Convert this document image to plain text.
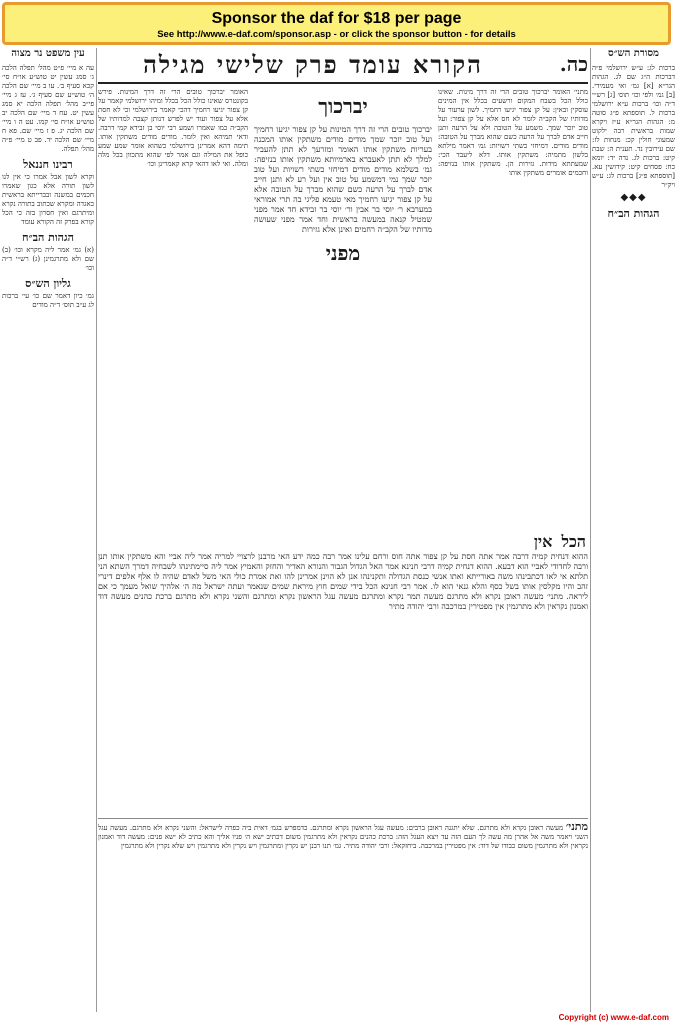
Sponsor the daf for $18 per page
See http://www.e-daf.com/sponsor.asp - or click the sponsor button - for details
מסורת הש״ס
ברכות לג: ע״ש ירושלמי פ״ה דברכות ה״ג שם לג. הגהות הגר״א [א] גמ׳ ואי מעמידי. [ב] גמ׳ ולפי וכו׳ תוס׳ [ג] רש״י ד״ה וכו׳ ברכות ע״א ירושלמי ברכות ל. תוספתא פ״ג סוטה מ: הגהות הגר״א ע״ז ויקרא שמות בראשית רבה ילקוט שמעוני חולין קכ: מנחות לז: שם עירובין נד. תענית ה: שבת קיט: ברכות לג. נדה יד: יומא כח: פסחים קיט: קידושין עא. [תוספתא פ״ג] ברכות לג: ע״ש ויק״ר
◆◆◆
הגהות הב״ח
כה.
הקורא עומד פרק שלישי מגילה
מתני׳ האומר יברכוך טובים הרי זה דרך מינות. שאינו כולל הכל בשבח המקום ורשעים בכלל אין המינים עוסקין ובאין: על קן צפור יגיעו רחמיך. לשון ערעור על מדותיו של הקב״ה לומר לא חס אלא על קן צפור: ועל טוב יזכר שמך. משמע על הטובה ולא על הרעה ותנן חייב אדם לברך על הרעה כשם שהוא מברך על הטובה: מודים מודים. דמיחזי כשתי רשויות: גמ׳ דאמר מילתא בלשון מתמיה: משתקין אותו. דלא ליעבד הכי: שמעתתא מידות. גזירות הן. משתקין אותו בנזיפה: וחכמים אומרים משתקין אותו
יברכוך
יברכוך טובים הרי זה דרך המינות על קן צפור יגיעו רחמיך ועל טוב יזכר שמך מודים מודים משתקין אותו המכנה בעריות משתקין אותו האומר ומזרעך לא תתן להעביר למלך לא תתן לאעברא בארמיותא משתקין אותו בנזיפה: גמ׳ בשלמא מודים מודים דמיחזי כשתי רשויות ועל טוב יזכר שמך נמי דמשמע על טוב אין ועל רע לא ותנן חייב אדם לברך על הרעה כשם שהוא מברך על הטובה אלא על קן צפור יגיעו רחמיך מאי טעמא פליגי בה תרי אמוראי במערבא ר׳ יוסי בר אבין ור׳ יוסי בר זבידא חד אמר מפני שמטיל קנאה במעשה בראשית וחד אמר מפני שעושה מדותיו של הקב״ה רחמים ואינן אלא גזירות
מפני
האומר יברכוך טובים הרי זה דרך המינות. פירש בקונטרס שאינו כולל הכל בכלל ומיהו ירושלמי קאמר על קן צפור יגיעו רחמיך דהכי קאמר בירושלמי וכי לא חסת אלא על צפור ועוד יש לפרש דנותן קצבה למדותיו של הקב״ה כמו שאמרו ושמע רבי יוסי בן זבידא קמי דרבה. ודאי תמיהא ואין לומר. מודים מודים משתקין אותו. תימה דהא אמרינן בירושלמי כשהוא אומר שמע שמע כופל את המילה וגם אמר לפי שהוא מתכוון בכל מלה ומלה. ואי לאו דהאי קרא קאמרינן וכו׳
הכל אין
ההוא דנחית קמיה דרבה אמר אתה חסת על קן צפור אתה חוס ורחם עלינו אמר רבה כמה ידע האי מרבנן לרצויי למריה אמר ליה אביי והא משתקין אותו תנן ורבה לחדודי לאביי הוא דבעא. ההוא דנחית קמיה דרבי חנינא אמר האל הגדול הגבור והנורא האדיר והחזק והאמיץ אמר ליה סיימתינהו לשבחיה דמרך השתא הני תלתא אי לאו דכתבינהו משה באורייתא ואתו אנשי כנסת הגדולה ותקנינהו אנן לא הוינן אמרינן להו ואת אמרת כולי האי משל לאדם שהיה לו אלף אלפים דינרי זהב והיו מקלסין אותו בשל כסף והלא גנאי הוא לו. אמר רבי חנינא הכל בידי שמים חוץ מיראת שמים שנאמר ועתה ישראל מה ה׳ אלהיך שואל מעמך כי אם ליראה. מתני׳ מעשה ראובן נקרא ולא מתרגם מעשה תמר נקרא ומתרגם מעשה עגל הראשון נקרא ומתרגם והשני נקרא ולא מתרגם ברכת כהנים מעשה דוד ואמנון נקראין ולא מתרגמין אין מפטירין במרכבה ורבי יהודה מתיר
מתני׳ מעשה ראובן נקרא ולא מתרגם. שלא יתגנה ראובן ברבים: מעשה עגל הראשון נקרא ומתרגם. כדמפרש בגמ׳ דאית ביה כפרה לישראל: והשני נקרא ולא מתרגם. מעשה עגל השני ויאמר משה אל אהרן מה עשה לך העם הזה עד ויצא העגל הזה: ברכת כהנים נקראין ולא מתרגמין משום דכתיב ישא ה׳ פניו אליך והא כתיב לא ישא פנים: מעשה דוד ואמנון נקראין ולא מתרגמין משום כבודו של דוד: אין מפטירין במרכבה. ביחזקאל: ורבי יהודה מתיר. גמ׳ תנו רבנן יש נקרין ומתרגמין ויש נקרין ולא מתרגמין ויש שלא נקרין ולא מתרגמין
עין משפט נר מצוה
עה א מיי׳ פ״ט מהל׳ תפלה הלכה ג׳ סמג עשין יט טוש״ע או״ח סי׳ קכא סעיף ב׳. עו ב מיי׳ שם הלכה ה׳ טוש״ע שם סעיף ג׳. עז ג מיי׳ פי״ב מהל׳ תפלה הלכה יא סמג עשין יט. עח ד מיי׳ שם הלכה יב טוש״ע או״ח סי׳ קמו. עט ה ו מיי׳ שם הלכה יג. פ ז מיי׳ שם. פא ח מיי׳ שם הלכה יד. פב ט מיי׳ פ״ה מהל׳ תפלה.
רבינו חננאל
וקרא לשון אבל אמרו כי אין לנו לשון תורה אלא כגון שאמרו חכמים במשנה ובברייתא בראשית כאגדה ומקרא שכתוב בתורה נקרא ומיתרגם ואין חסרון בזה כי הכל קורא בפרק זה הקורא עומד
הגהות הב״ח
(א) גמ׳ אמר ליה מקרא וכו׳ (ב) שם ולא מתרגמינן (ג) רש״י ד״ה וכו׳
גליון הש״ס
גמ׳ כיון דאמר שם כו׳ עי׳ ברכות לג ע״ב תוס׳ ד״ה מודים
Copyright (c) www.e-daf.com
